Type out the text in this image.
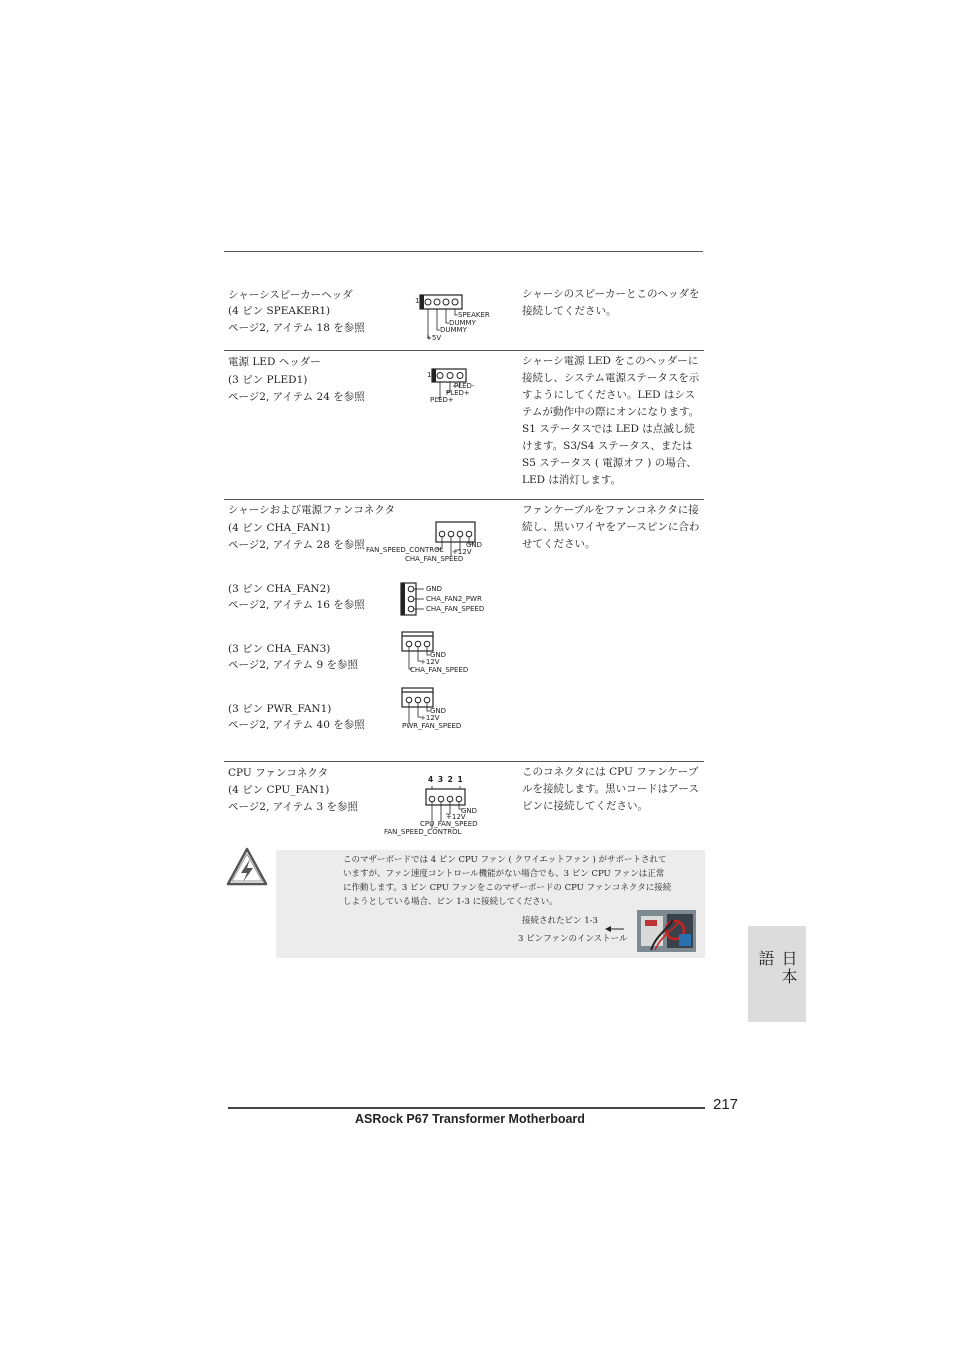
シャーシスピーカーヘッダ
(4 ピン SPEAKER1)
ページ2, アイテム 18 を参照
シャーシのスピーカーとこのヘッダを接続してください。
1
SPEAKER
DUMMY
DUMMY
+5V
電源 LED ヘッダー
(3 ピン PLED1)
ページ2, アイテム 24 を参照
シャーシ電源 LED をこのヘッダーに接続し、システム電源ステータスを示すようにしてください。LED はシステムが動作中の際にオンになります。S1 ステータスでは LED は点滅し続けます。S3/S4 ステータス、または S5 ステータス ( 電源オフ ) の場合、LED は消灯します。
1
PLED-
PLED+
PLED+
シャーシおよび電源ファンコネクタ	ファンケーブルをファンコネクタに接続し、黒いワイヤをアースピンに合わせてください。
(4 ピン CHA_FAN1)
ページ2, アイテム 28 を参照	GND
+12V
CHA_FAN_SPEED
FAN_SPEED_CONTROL
(3 ピン CHA_FAN2)
ページ2, アイテム 16 を参照
GND
CHA_FAN2_PWR
CHA_FAN_SPEED
(3 ピン CHA_FAN3)
ページ2, アイテム 9 を参照
GND
+12V
CHA_FAN_SPEED
(3 ピン PWR_FAN1)
ページ2, アイテム 40 を参照
GND
+12V
PWR_FAN_SPEED
CPU ファンコネクタ
(4 ピン CPU_FAN1)
ページ2, アイテム 3 を参照
このコネクタには CPU ファンケーブルを接続します。黒いコードはアースピンに接続してください。
4 3 2 1
GND
+12V
CPU_FAN_SPEED
FAN_SPEED_CONTROL
このマザーボードでは 4 ピン CPU ファン ( クワイエットファン ) がサポートされて
いますが、ファン速度コントロール機能がない場合でも、3 ピン CPU ファンは正常
に作動します。3 ピン CPU ファンをこのマザーボードの CPU ファンコネクタに接続
しようとしている場合、ピン 1-3 に接続してください。
接続されたピン 1-3
3 ピンファンのインストール
日本語
217
ASRock P67 Transformer Motherboard
